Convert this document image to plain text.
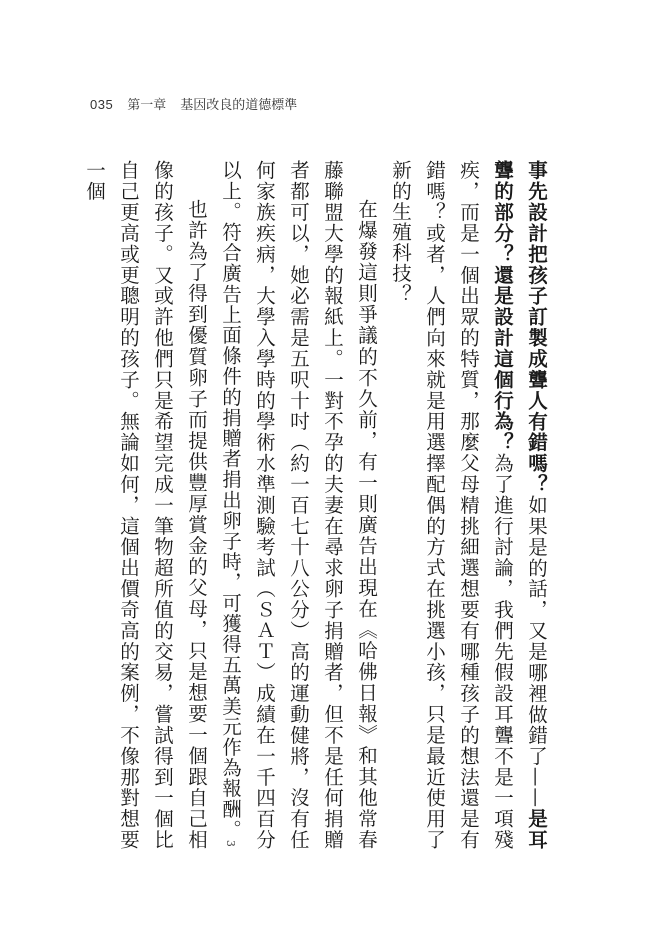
035 第一章 基因改良的道德標準

事先設計把孩子訂製成聾人有錯嗎？如果是的話，又是哪裡做錯了——是耳聾的部分？還是設計這個行為？為了進行討論，我們先假設耳聾不是一項殘疾，而是一個出眾的特質，那麼父母精挑細選想要有哪種孩子的想法還是有錯嗎？或者，人們向來就是用選擇配偶的方式在挑選小孩，只是最近使用了新的生殖科技？

在爆發這則爭議的不久前，有一則廣告出現在《哈佛日報》和其他常春藤聯盟大學的報紙上。一對不孕的夫妻在尋求卵子捐贈者，但不是任何捐贈者都可以，她必需是五呎十吋（約一百七十八公分）高的運動健將，沒有任何家族疾病，大學入學時的學術水準測驗考試（ＳＡＴ）成績在一千四百分以上。符合廣告上面條件的捐贈者捐出卵子時，可獲得五萬美元作為報酬。3

也許為了得到優質卵子而提供豐厚賞金的父母，只是想要一個跟自己相像的孩子。又或許他們只是希望完成一筆物超所值的交易，嘗試得到一個比自己更高或更聰明的孩子。無論如何，這個出價奇高的案例，不像那對想要一個
